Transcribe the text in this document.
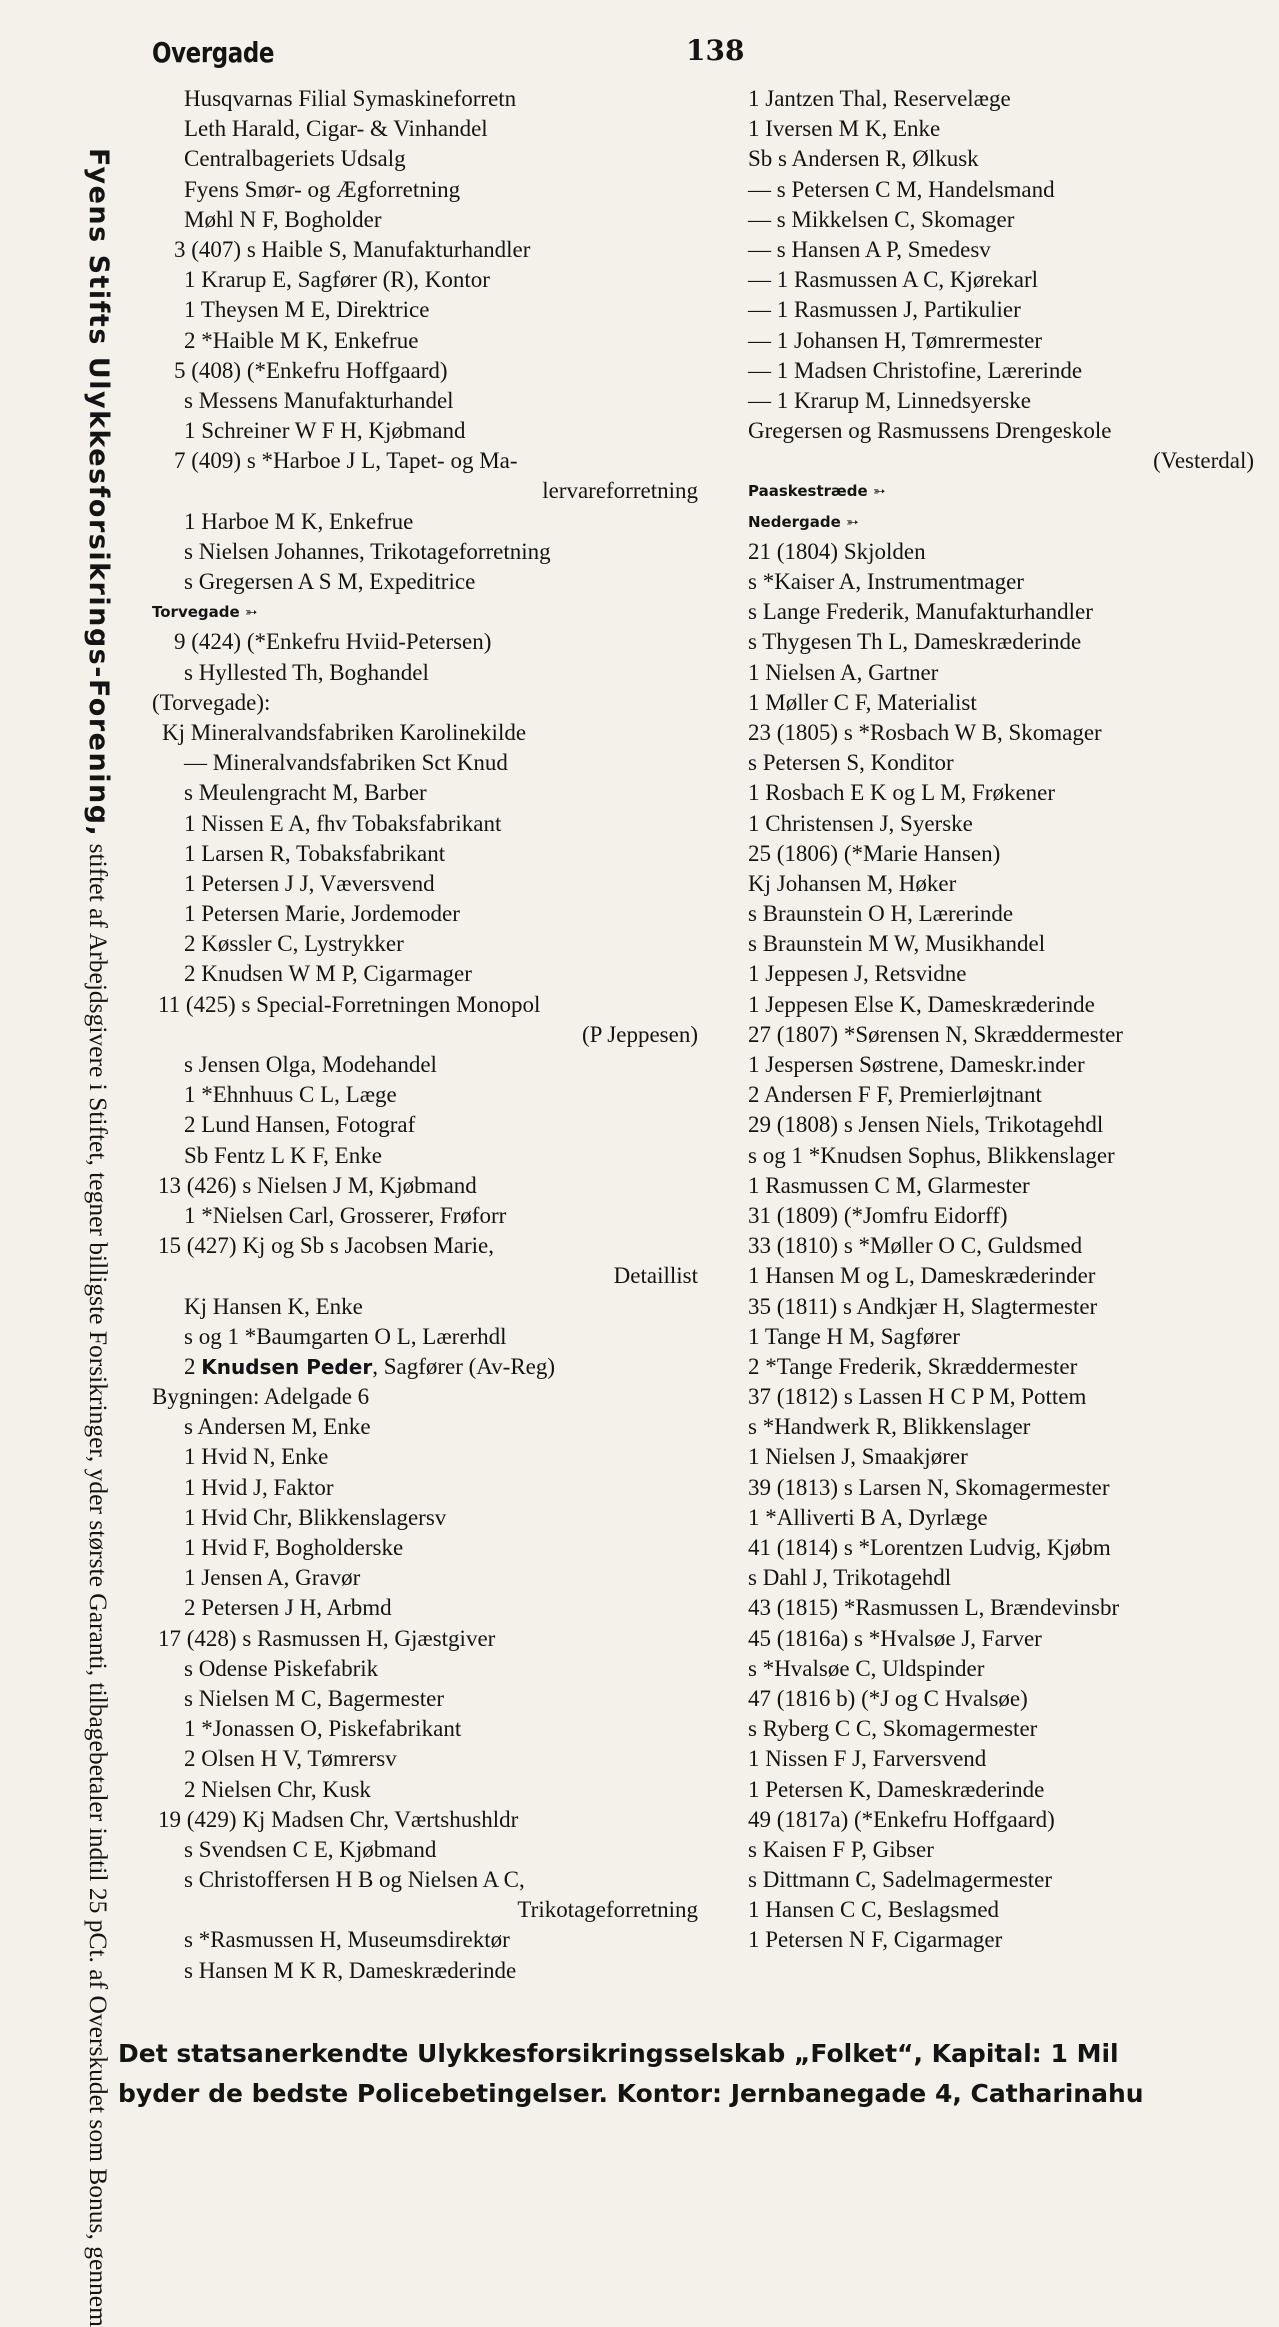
Overgade	138
Fyens Stifts Ulykkesforsikrings-Forening, stiftet af Arbejdsgivere i Stiftet, tegner billigste Forsikringer, yder største Garanti, tilbagebetaler indtil 25 pCt. af Overskudet som Bonus, gennem
Husqvarnas Filial Symaskineforretn
Leth Harald, Cigar- & Vinhandel
Centralbageriets Udsalg
Fyens Smør- og Ægforretning
Møhl N F, Bogholder
3 (407) s Haible S, Manufakturhandler
1 Krarup E, Sagfører (R), Kontor
1 Theysen M E, Direktrice
2 *Haible M K, Enkefrue
5 (408) (*Enkefru Hoffgaard)
s Messens Manufakturhandel
1 Schreiner W F H, Kjøbmand
7 (409) s *Harboe J L, Tapet- og Ma-
lervareforretning
1 Harboe M K, Enkefrue
s Nielsen Johannes, Trikotageforretning
s Gregersen A S M, Expeditrice
Torvegade ➳
9 (424) (*Enkefru Hviid-Petersen)
s Hyllested Th, Boghandel
(Torvegade):
Kj Mineralvandsfabriken Karolinekilde
— Mineralvandsfabriken Sct Knud
s Meulengracht M, Barber
1 Nissen E A, fhv Tobaksfabrikant
1 Larsen R, Tobaksfabrikant
1 Petersen J J, Væversvend
1 Petersen Marie, Jordemoder
2 Køssler C, Lystrykker
2 Knudsen W M P, Cigarmager
11 (425) s Special-Forretningen Monopol
(P Jeppesen)
s Jensen Olga, Modehandel
1 *Ehnhuus C L, Læge
2 Lund Hansen, Fotograf
Sb Fentz L K F, Enke
13 (426) s Nielsen J M, Kjøbmand
1 *Nielsen Carl, Grosserer, Frøforr
15 (427) Kj og Sb s Jacobsen Marie,
Detaillist
Kj Hansen K, Enke
s og 1 *Baumgarten O L, Lærerhdl
2 Knudsen Peder, Sagfører (Av-Reg)
Bygningen: Adelgade 6
s Andersen M, Enke
1 Hvid N, Enke
1 Hvid J, Faktor
1 Hvid Chr, Blikkenslagersv
1 Hvid F, Bogholderske
1 Jensen A, Gravør
2 Petersen J H, Arbmd
17 (428) s Rasmussen H, Gjæstgiver
s Odense Piskefabrik
s Nielsen M C, Bagermester
1 *Jonassen O, Piskefabrikant
2 Olsen H V, Tømrersv
2 Nielsen Chr, Kusk
19 (429) Kj Madsen Chr, Værtshushldr
s Svendsen C E, Kjøbmand
s Christoffersen H B og Nielsen A C,
Trikotageforretning
s *Rasmussen H, Museumsdirektør
s Hansen M K R, Dameskræderinde
1 Jantzen Thal, Reservelæge
1 Iversen M K, Enke
Sb s Andersen R, Ølkusk
— s Petersen C M, Handelsmand
— s Mikkelsen C, Skomager
— s Hansen A P, Smedesv
— 1 Rasmussen A C, Kjørekarl
— 1 Rasmussen J, Partikulier
— 1 Johansen H, Tømrermester
— 1 Madsen Christofine, Lærerinde
— 1 Krarup M, Linnedsyerske
Gregersen og Rasmussens Drengeskole
(Vesterdal)
Paaskestræde ➳
Nedergade ➳
21 (1804) Skjolden
s *Kaiser A, Instrumentmager
s Lange Frederik, Manufakturhandler
s Thygesen Th L, Dameskræderinde
1 Nielsen A, Gartner
1 Møller C F, Materialist
23 (1805) s *Rosbach W B, Skomager
s Petersen S, Konditor
1 Rosbach E K og L M, Frøkener
1 Christensen J, Syerske
25 (1806) (*Marie Hansen)
Kj Johansen M, Høker
s Braunstein O H, Lærerinde
s Braunstein M W, Musikhandel
1 Jeppesen J, Retsvidne
1 Jeppesen Else K, Dameskræderinde
27 (1807) *Sørensen N, Skræddermester
1 Jespersen Søstrene, Dameskr.inder
2 Andersen F F, Premierløjtnant
29 (1808) s Jensen Niels, Trikotagehdl
s og 1 *Knudsen Sophus, Blikkenslager
1 Rasmussen C M, Glarmester
31 (1809) (*Jomfru Eidorff)
33 (1810) s *Møller O C, Guldsmed
1 Hansen M og L, Dameskræderinder
35 (1811) s Andkjær H, Slagtermester
1 Tange H M, Sagfører
2 *Tange Frederik, Skræddermester
37 (1812) s Lassen H C P M, Pottem
s *Handwerk R, Blikkenslager
1 Nielsen J, Smaakjører
39 (1813) s Larsen N, Skomagermester
1 *Alliverti B A, Dyrlæge
41 (1814) s *Lorentzen Ludvig, Kjøbm
s Dahl J, Trikotagehdl
43 (1815) *Rasmussen L, Brændevinsbr
45 (1816a) s *Hvalsøe J, Farver
s *Hvalsøe C, Uldspinder
47 (1816 b) (*J og C Hvalsøe)
s Ryberg C C, Skomagermester
1 Nissen F J, Farversvend
1 Petersen K, Dameskræderinde
49 (1817a) (*Enkefru Hoffgaard)
s Kaisen F P, Gibser
s Dittmann C, Sadelmagermester
1 Hansen C C, Beslagsmed
1 Petersen N F, Cigarmager
Det statsanerkendte Ulykkesforsikringsselskab „Folket“, Kapital: 1 Mil
byder de bedste Policebetingelser. Kontor: Jernbanegade 4, Catharinahu
